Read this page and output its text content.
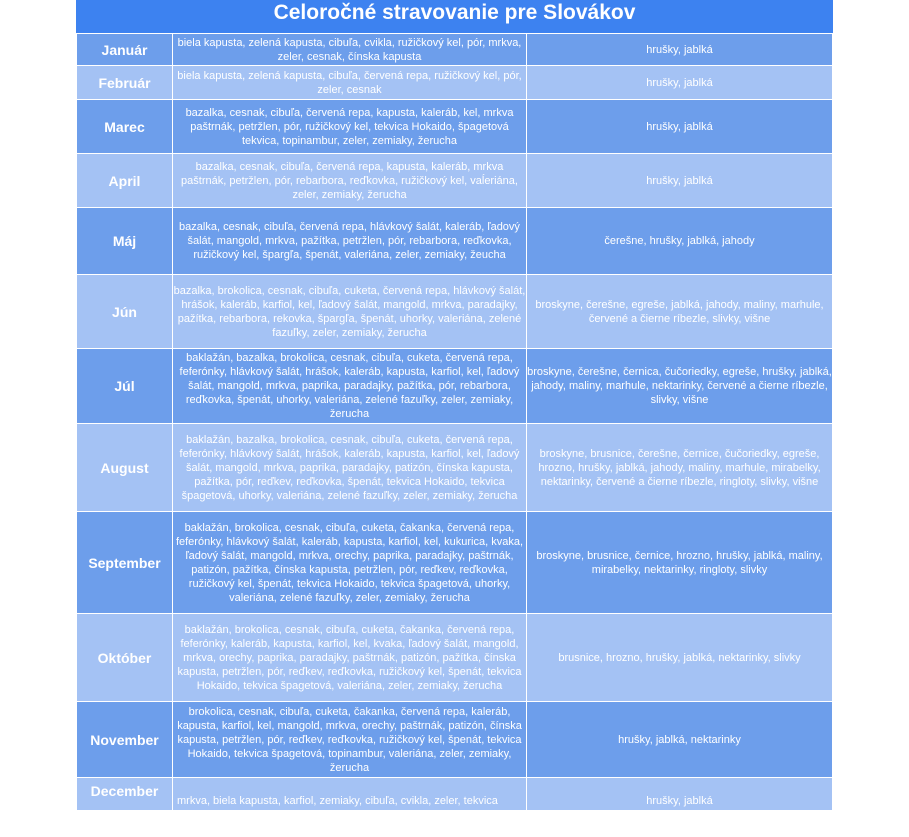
Celoročné stravovanie pre Slovákov
Január	biela kapusta, zelená kapusta, cibuľa, cvikla, ružičkový kel, pór, mrkva, zeler, cesnak, čínska kapusta	hrušky, jablká
Február	biela kapusta, zelená kapusta, cibuľa, červená repa, ružičkový kel, pór, zeler, cesnak	hrušky, jablká
Marec	bazalka, cesnak, cibuľa, červená repa, kapusta, kaleráb, kel, mrkva paštrnák, petržlen, pór, ružičkový kel, tekvica Hokaido, špagetová tekvica, topinambur, zeler, zemiaky, žerucha	hrušky, jablká
April	bazalka, cesnak, cibuľa, červená repa, kapusta, kaleráb, mrkva paštrnák, petržlen, pór, rebarbora, reďkovka, ružičkový kel, vaĺeriána, zeler, zemiaky, žerucha	hrušky, jablká
Máj	bazalka, cesnak, cibuľa, červená repa, hlávkový šalát, kaleráb, ľadový šalát, mangold, mrkva, pažítka, petržlen, pór, rebarbora, reďkovka, ružičkový kel, špargľa, špenát, valeriána, zeler, zemiaky, žeucha	čerešne, hrušky, jablká, jahody
Jún	bazalka, brokolica, cesnak, cibuľa, cuketa, červená repa, hlávkový šalát, hrášok, kaleráb, karfiol, kel, ľadový šalát, mangold, mrkva, paradajky, pažítka, rebarbora, rekovka, špargľa, špenát, uhorky, valeriána, zelené fazuľky, zeler, zemiaky, žerucha	broskyne, čerešne, egreše, jablká, jahody, maliny, marhule, červené a čierne ríbezle, slivky, višne
Júl	baklažán, bazalka, brokolica, cesnak, cibuľa, cuketa, červená repa, feferónky, hlávkový šalát, hrášok, kaleráb, kapusta, karfiol, kel, ľadový šalát, mangold, mrkva, paprika, paradajky, pažítka, pór, rebarbora, reďkovka, špenát, uhorky, valeriána, zelené fazuľky, zeler, zemiaky, žerucha	broskyne, čerešne, černica, čučoriedky, egreše, hrušky, jablká, jahody, maliny, marhule, nektarinky, červené a čierne ríbezle, slivky, višne
August	baklažán, bazalka, brokolica, cesnak, cibuľa, cuketa, červená repa, feferónky, hlávkový šalát, hrášok, kaleráb, kapusta, karfiol, kel, ľadový šalát, mangold, mrkva, paprika, paradajky, patizón, čínska kapusta, pažítka, pór, reďkev, reďkovka, špenát, tekvica Hokaido, tekvica špagetová, uhorky, valeriána, zelené fazuľky, zeler, zemiaky, žerucha	broskyne, brusnice, čerešne, černice, čučoriedky, egreše, hrozno, hrušky, jablká, jahody, maliny, marhule, mirabelky, nektarinky, červené a čierne ríbezle, ringloty, slivky, višne
September	baklažán, brokolica, cesnak, cibuľa, cuketa, čakanka, červená repa, feferónky, hlávkový šalát, kaleráb, kapusta, karfiol, kel, kukurica, kvaka, ľadový šalát, mangold, mrkva, orechy, paprika, paradajky, paštrnák, patizón, pažítka, čínska kapusta, petržlen, pór, reďkev, reďkovka, ružičkový kel, špenát, tekvica Hokaido, tekvica špagetová, uhorky, valeriána, zelené fazuľky, zeler, zemiaky, žerucha	broskyne, brusnice, černice, hrozno, hrušky, jablká, maliny, mirabelky, nektarinky, ringloty, slivky
Október	baklažán, brokolica, cesnak, cibuľa, cuketa, čakanka, červená repa, feferónky, kaleráb, kapusta, karfiol, kel, kvaka, ľadový šalát, mangold, mrkva, orechy, paprika, paradajky, paštrnák, patizón, pažítka, čínska kapusta, petržlen, pór, reďkev, reďkovka, ružičkový kel, špenát, tekvica Hokaido, tekvica špagetová, valeriána, zeler, zemiaky, žerucha	brusnice, hrozno, hrušky, jablká, nektarinky, slivky
November	brokolica, cesnak, cibuľa, cuketa, čakanka, červená repa, kaleráb, kapusta, karfiol, kel, mangold, mrkva, orechy, paštrnák, patizón, čínska kapusta, petržlen, pór, reďkev, reďkovka, ružičkový kel, špenát, tekvica Hokaido, tekvica špagetová, topinambur, valeriána, zeler, zemiaky, žerucha	hrušky, jablká, nektarinky
December	mrkva, biela kapusta, karfiol, zemiaky, cibuľa, cvikla, zeler, tekvica	hrušky, jablká
